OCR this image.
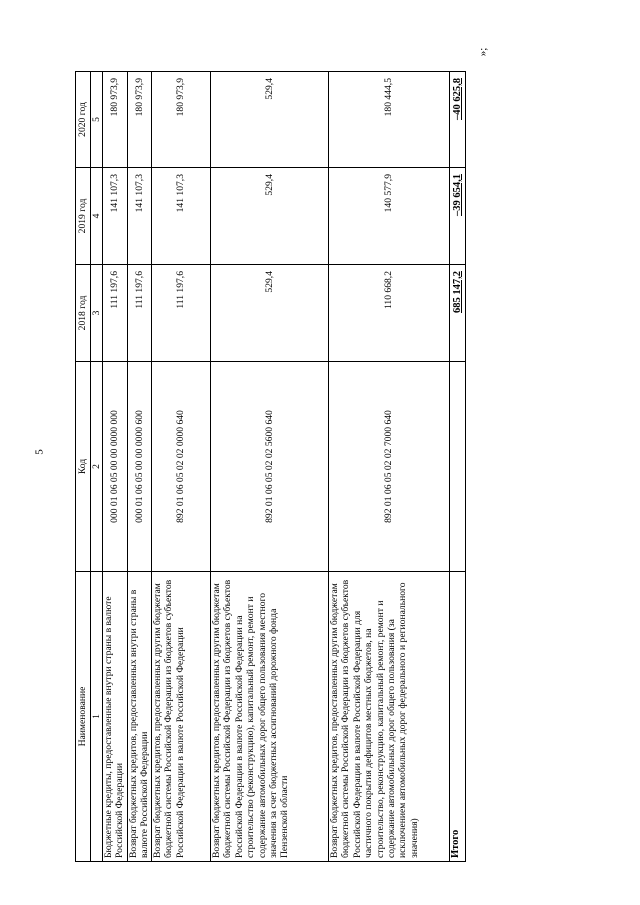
5
»;
Наименование	Код	2018 год	2019 год	2020 год
1	2	3	4	5
Бюджетные кредиты, предоставленные внутри страны в валюте Российской Федерации	000 01 06 05 00 00 0000 000	111 197,6	141 107,3	180 973,9
Возврат бюджетных кредитов, предоставленных внутри страны в валюте Российской Федерации	000 01 06 05 00 00 0000 600	111 197,6	141 107,3	180 973,9
Возврат бюджетных кредитов, предоставленных другим бюджетам бюджетной системы Российской Федерации из бюджетов субъектов Российской Федерации в валюте Российской Федерации	892 01 06 05 02 02 0000 640	111 197,6	141 107,3	180 973,9
Возврат бюджетных кредитов, предоставленных другим бюджетам бюджетной системы Российской Федерации из бюджетов субъектов Российской Федерации в валюте Российской Федерации на строительство (реконструкцию), капитальный ремонт, ремонт и содержание автомобильных дорог общего пользования местного значения за счет бюджетных ассигнований дорожного фонда Пензенской области	892 01 06 05 02 02 5600 640	529,4	529,4	529,4
Возврат бюджетных кредитов, предоставленных другим бюджетам бюджетной системы Российской Федерации из бюджетов субъектов Российской Федерации в валюте Российской Федерации для частичного покрытия дефицитов местных бюджетов, на строительство, реконструкцию, капитальный ремонт, ремонт и содержание автомобильных дорог общего пользования (за исключением автомобильных дорог федерального и регионального значения)	892 01 06 05 02 02 7000 640	110 668,2	140 577,9	180 444,5
Итого		685 147,2	–39 654,1	–40 625,8
